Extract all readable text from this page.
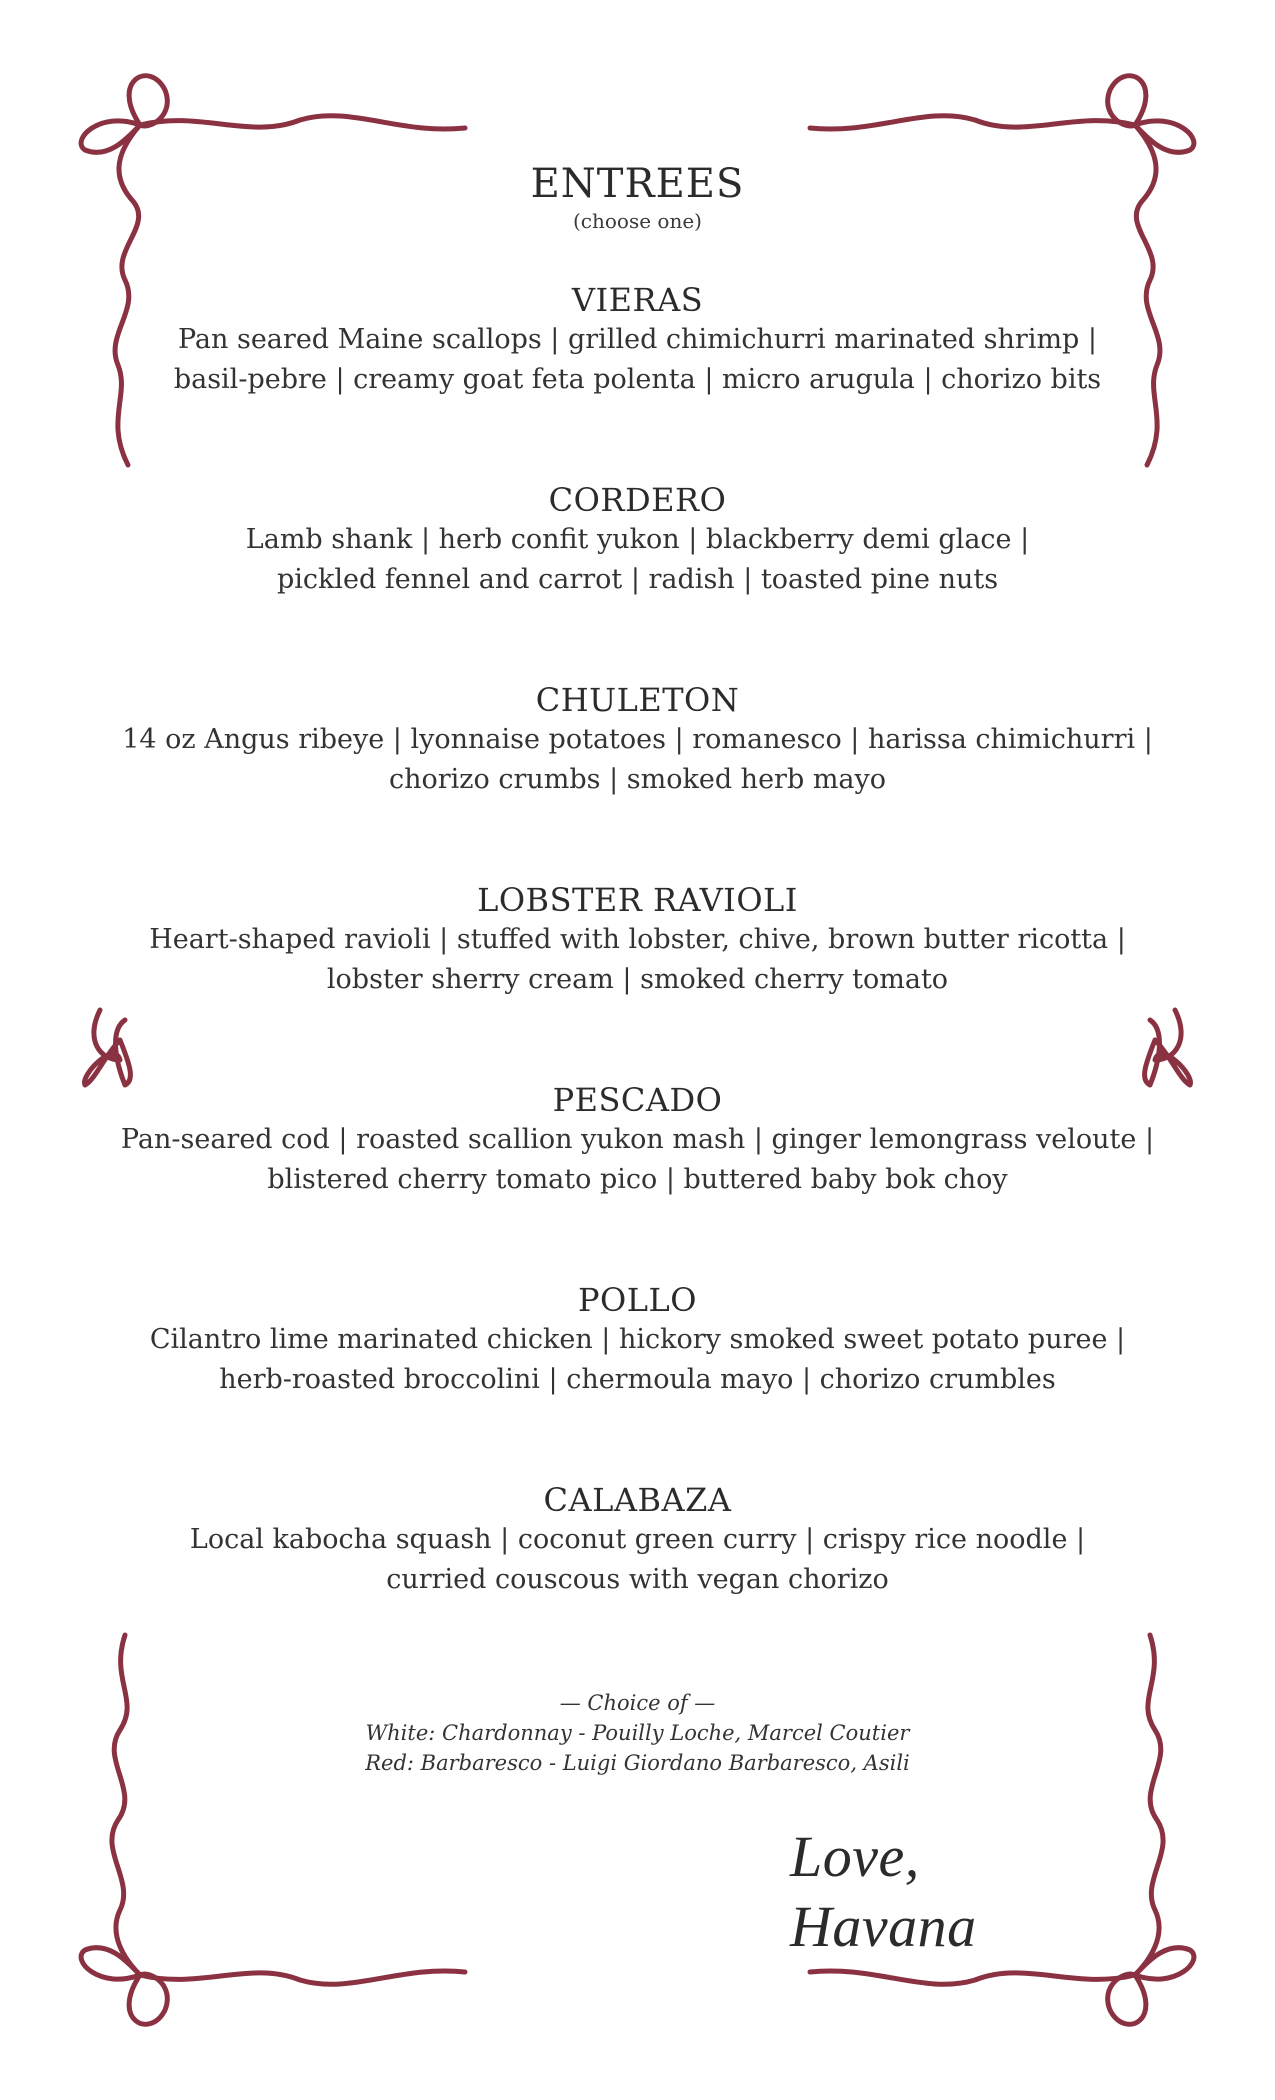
ENTREES
(choose one)
VIERAS
Pan seared Maine scallops | grilled chimichurri marinated shrimp |
basil-pebre | creamy goat feta polenta | micro arugula | chorizo bits
CORDERO
Lamb shank | herb confit yukon | blackberry demi glace |
pickled fennel and carrot | radish | toasted pine nuts
CHULETON
14 oz Angus ribeye | lyonnaise potatoes | romanesco | harissa chimichurri |
chorizo crumbs | smoked herb mayo
LOBSTER RAVIOLI
Heart-shaped ravioli | stuffed with lobster, chive, brown butter ricotta |
lobster sherry cream | smoked cherry tomato
PESCADO
Pan-seared cod | roasted scallion yukon mash | ginger lemongrass veloute |
blistered cherry tomato pico | buttered baby bok choy
POLLO
Cilantro lime marinated chicken | hickory smoked sweet potato puree |
herb-roasted broccolini | chermoula mayo | chorizo crumbles
CALABAZA
Local kabocha squash | coconut green curry | crispy rice noodle |
curried couscous with vegan chorizo
— Choice of —
White: Chardonnay - Pouilly Loche, Marcel Coutier
Red: Barbaresco - Luigi Giordano Barbaresco, Asili
Love, Havana
